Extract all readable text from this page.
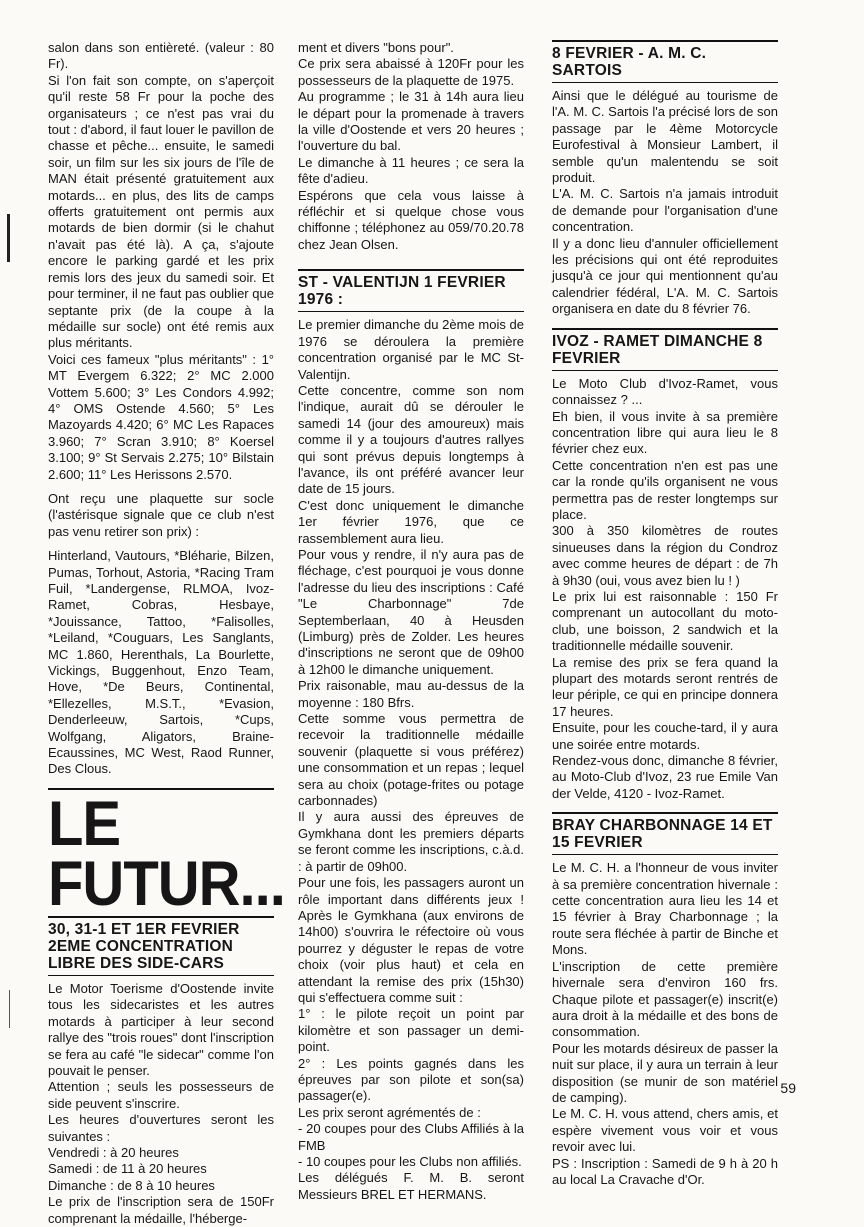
salon dans son entièreté. (valeur : 80 Fr).

Si l'on fait son compte, on s'aperçoit qu'il reste 58 Fr pour la poche des organisateurs ; ce n'est pas vrai du tout : d'abord, il faut louer le pavillon de chasse et pêche... ensuite, le samedi soir, un film sur les six jours de l'île de MAN était présenté gratuitement aux motards... en plus, des lits de camps offerts gratuitement ont permis aux motards de bien dormir (si le chahut n'avait pas été là). A ça, s'ajoute encore le parking gardé et les prix remis lors des jeux du samedi soir. Et pour terminer, il ne faut pas oublier que septante prix (de la coupe à la médaille sur socle) ont été remis aux plus méritants.

Voici ces fameux "plus méritants" : 1° MT Evergem 6.322; 2° MC 2.000 Vottem 5.600; 3° Les Condors 4.992; 4° OMS Ostende 4.560; 5° Les Mazoyards 4.420; 6° MC Les Rapaces 3.960; 7° Scran 3.910; 8° Koersel 3.100; 9° St Servais 2.275; 10° Bilstain 2.600; 11° Les Herissons 2.570.

Ont reçu une plaquette sur socle (l'astérisque signale que ce club n'est pas venu retirer son prix) :

Hinterland, Vautours, *Bléharie, Bilzen, Pumas, Torhout, Astoria, *Racing Tram Fuil, *Landergense, RLMOA, Ivoz-Ramet, Cobras, Hesbaye, *Jouissance, Tattoo, *Falisolles, *Leiland, *Couguars, Les Sanglants, MC 1.860, Herenthals, La Bourlette, Vickings, Buggenhout, Enzo Team, Hove, *De Beurs, Continental, *Ellezelles, M.S.T., *Evasion, Denderleeuw, Sartois, *Cups, Wolfgang, Aligators, Braine-Ecaussines, MC West, Raod Runner, Des Clous.

LE
FUTUR...
30, 31-1 ET 1ER FEVRIER 2EME CONCENTRATION LIBRE DES SIDE-CARS

Le Motor Toerisme d'Oostende invite tous les sidecaristes et les autres motards à participer à leur second rallye des "trois roues" dont l'inscription se fera au café "le sidecar" comme l'on pouvait le penser.

Attention ; seuls les possesseurs de side peuvent s'inscrire.

Les heures d'ouvertures seront les suivantes :

Vendredi : à 20 heures

Samedi : de 11 à 20 heures

Dimanche : de 8 à 10 heures

Le prix de l'inscription sera de 150Fr comprenant la médaille, l'héberge-

ment et divers "bons pour".

Ce prix sera abaissé à 120Fr pour les possesseurs de la plaquette de 1975.

Au programme ; le 31 à 14h aura lieu le départ pour la promenade à travers la ville d'Oostende et vers 20 heures ; l'ouverture du bal.

Le dimanche à 11 heures ; ce sera la fête d'adieu.

Espérons que cela vous laisse à réfléchir et si quelque chose vous chiffonne ; téléphonez au 059/70.20.78 chez Jean Olsen.

ST - VALENTIJN 1 FEVRIER 1976 :

Le premier dimanche du 2ème mois de 1976 se déroulera la première concentration organisé par le MC St-Valentijn.

Cette concentre, comme son nom l'indique, aurait dû se dérouler le samedi 14 (jour des amoureux) mais comme il y a toujours d'autres rallyes qui sont prévus depuis longtemps à l'avance, ils ont préféré avancer leur date de 15 jours.

C'est donc uniquement le dimanche 1er février 1976, que ce rassemblement aura lieu.

Pour vous y rendre, il n'y aura pas de fléchage, c'est pourquoi je vous donne l'adresse du lieu des inscriptions : Café "Le Charbonnage" 7de Septemberlaan, 40 à Heusden (Limburg) près de Zolder. Les heures d'inscriptions ne seront que de 09h00 à 12h00 le dimanche uniquement.

Prix raisonable, mau au-dessus de la moyenne : 180 Bfrs.

Cette somme vous permettra de recevoir la traditionnelle médaille souvenir (plaquette si vous préférez) une consommation et un repas ; lequel sera au choix (potage-frites ou potage carbonnades)

Il y aura aussi des épreuves de Gymkhana dont les premiers départs se feront comme les inscriptions, c.à.d. : à partir de 09h00.

Pour une fois, les passagers auront un rôle important dans différents jeux ! Après le Gymkhana (aux environs de 14h00) s'ouvrira le réfectoire où vous pourrez y déguster le repas de votre choix (voir plus haut) et cela en attendant la remise des prix (15h30) qui s'effectuera comme suit :

1° : le pilote reçoit un point par kilomètre et son passager un demi-point.

2° : Les points gagnés dans les épreuves par son pilote et son(sa) passager(e).

Les prix seront agrémentés de :

- 20 coupes pour des Clubs Affiliés à la FMB

- 10 coupes pour les Clubs non affiliés.

Les délégués F. M. B. seront Messieurs BREL ET HERMANS.

8 FEVRIER - A. M. C. SARTOIS

Ainsi que le délégué au tourisme de l'A. M. C. Sartois l'a précisé lors de son passage par le 4ème Motorcycle Eurofestival à Monsieur Lambert, il semble qu'un malentendu se soit produit.

L'A. M. C. Sartois n'a jamais introduit de demande pour l'organisation d'une concentration.

Il y a donc lieu d'annuler officiellement les précisions qui ont été reproduites jusqu'à ce jour qui mentionnent qu'au calendrier fédéral, L'A. M. C. Sartois organisera en date du 8 février 76.

IVOZ - RAMET DIMANCHE 8 FEVRIER

Le Moto Club d'Ivoz-Ramet, vous connaissez ? ...

Eh bien, il vous invite à sa première concentration libre qui aura lieu le 8 février chez eux.

Cette concentration n'en est pas une car la ronde qu'ils organisent ne vous permettra pas de rester longtemps sur place.

300 à 350 kilomètres de routes sinueuses dans la région du Condroz avec comme heures de départ : de 7h à 9h30 (oui, vous avez bien lu ! )

Le prix lui est raisonnable : 150 Fr comprenant un autocollant du moto-club, une boisson, 2 sandwich et la traditionnelle médaille souvenir.

La remise des prix se fera quand la plupart des motards seront rentrés de leur périple, ce qui en principe donnera 17 heures.

Ensuite, pour les couche-tard, il y aura une soirée entre motards.

Rendez-vous donc, dimanche 8 février, au Moto-Club d'Ivoz, 23 rue Emile Van der Velde, 4120 - Ivoz-Ramet.

BRAY CHARBONNAGE 14 ET 15 FEVRIER

Le M. C. H. a l'honneur de vous inviter à sa première concentration hivernale : cette concentration aura lieu les 14 et 15 février à Bray Charbonnage ; la route sera fléchée à partir de Binche et Mons.

L'inscription de cette première hivernale sera d'environ 160 frs. Chaque pilote et passager(e) inscrit(e) aura droit à la médaille et des bons de consommation.

Pour les motards désireux de passer la nuit sur place, il y aura un terrain à leur disposition (se munir de son matériel de camping).

Le M. C. H. vous attend, chers amis, et espère vivement vous voir et vous revoir avec lui.

PS : Inscription : Samedi de 9 h à 20 h au local La Cravache d'Or.

59
